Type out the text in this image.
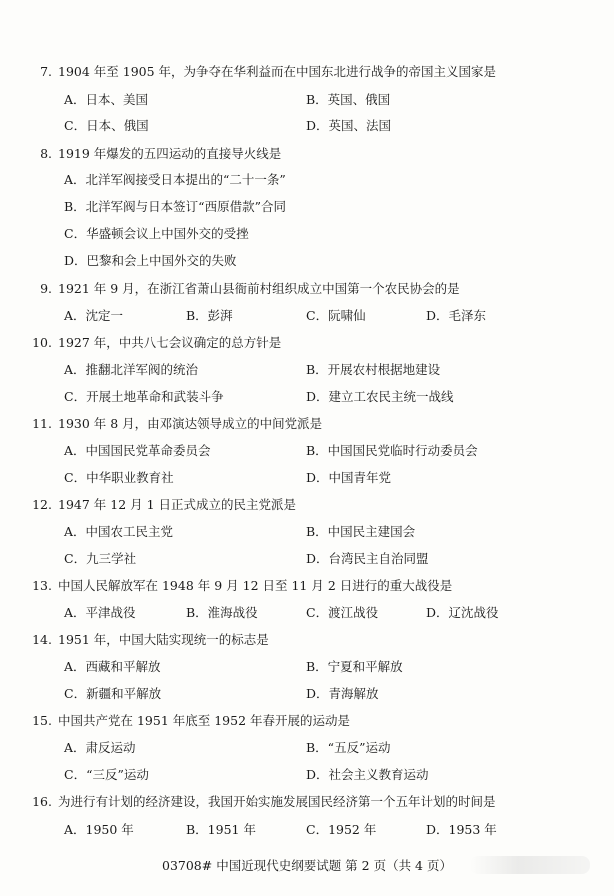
7. 1904 年至 1905 年，为争夺在华利益而在中国东北进行战争的帝国主义国家是
A．日本、美国	B．英国、俄国
C．日本、俄国	D．英国、法国
8. 1919 年爆发的五四运动的直接导火线是
A．北洋军阀接受日本提出的“二十一条”
B．北洋军阀与日本签订“西原借款”合同
C．华盛顿会议上中国外交的受挫
D．巴黎和会上中国外交的失败
9. 1921 年 9 月，在浙江省萧山县衙前村组织成立中国第一个农民协会的是
A．沈定一	B．彭湃	C．阮啸仙	D．毛泽东
10. 1927 年，中共八七会议确定的总方针是
A．推翻北洋军阀的统治	B．开展农村根据地建设
C．开展土地革命和武装斗争	D．建立工农民主统一战线
11. 1930 年 8 月，由邓演达领导成立的中间党派是
A．中国国民党革命委员会	B．中国国民党临时行动委员会
C．中华职业教育社	D．中国青年党
12. 1947 年 12 月 1 日正式成立的民主党派是
A．中国农工民主党	B．中国民主建国会
C．九三学社	D．台湾民主自治同盟
13. 中国人民解放军在 1948 年 9 月 12 日至 11 月 2 日进行的重大战役是
A．平津战役	B．淮海战役	C．渡江战役	D．辽沈战役
14. 1951 年，中国大陆实现统一的标志是
A．西藏和平解放	B．宁夏和平解放
C．新疆和平解放	D．青海解放
15. 中国共产党在 1951 年底至 1952 年春开展的运动是
A．肃反运动	B．“五反”运动
C．“三反”运动	D．社会主义教育运动
16. 为进行有计划的经济建设，我国开始实施发展国民经济第一个五年计划的时间是
A．1950 年	B．1951 年	C．1952 年	D．1953 年
03708# 中国近现代史纲要试题 第 2 页（共 4 页）
